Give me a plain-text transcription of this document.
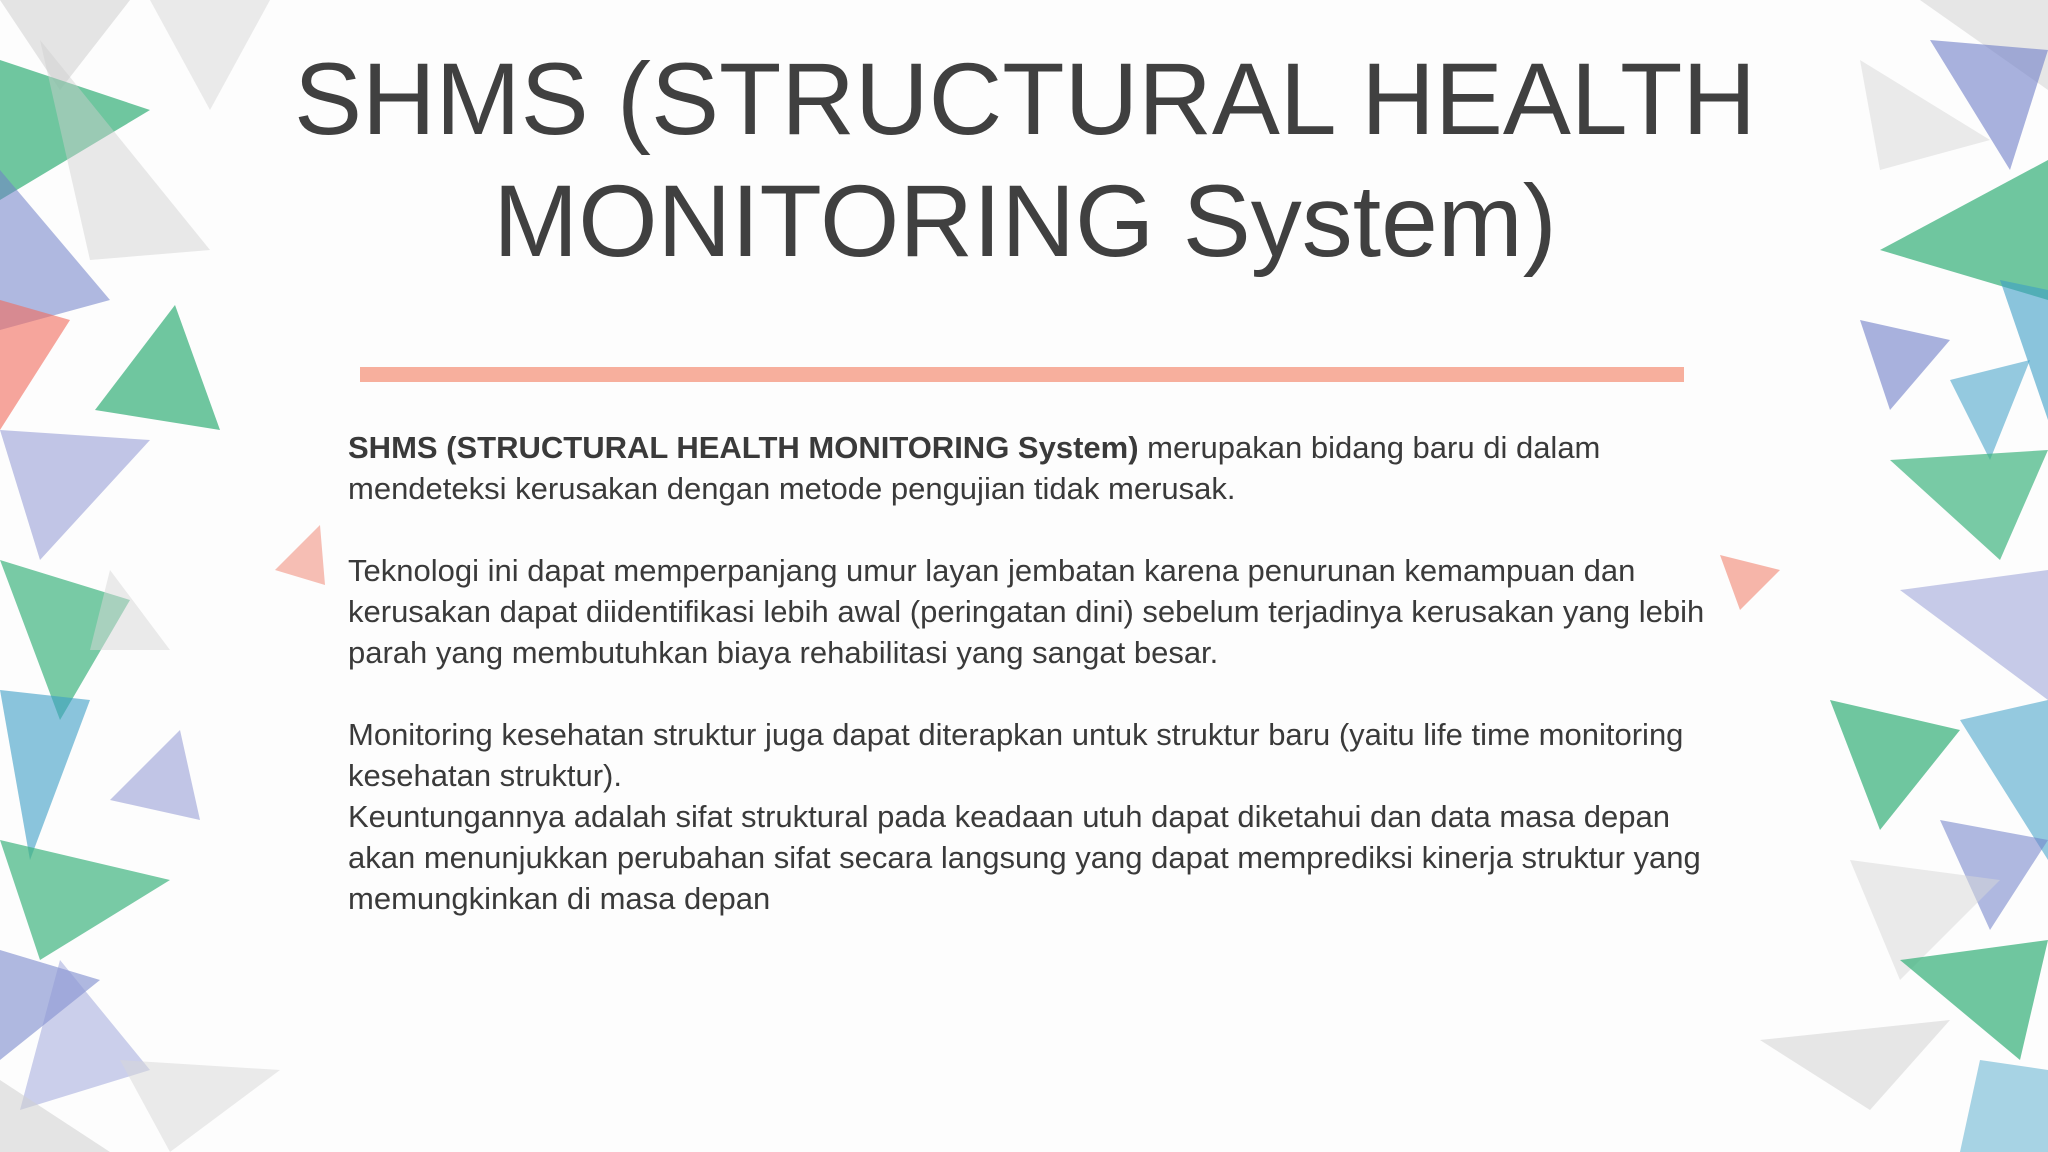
SHMS (STRUCTURAL HEALTH MONITORING System)

SHMS (STRUCTURAL HEALTH MONITORING System) merupakan bidang baru di dalam mendeteksi kerusakan dengan metode pengujian tidak merusak.

Teknologi ini dapat memperpanjang umur layan jembatan karena penurunan kemampuan dan kerusakan dapat diidentifikasi lebih awal (peringatan dini) sebelum terjadinya kerusakan yang lebih parah yang membutuhkan biaya rehabilitasi yang sangat besar.

Monitoring kesehatan struktur juga dapat diterapkan untuk struktur baru (yaitu life time monitoring kesehatan struktur).

Keuntungannya adalah sifat struktural pada keadaan utuh dapat diketahui dan data masa depan akan menunjukkan perubahan sifat secara langsung yang dapat memprediksi kinerja struktur yang memungkinkan di masa depan
